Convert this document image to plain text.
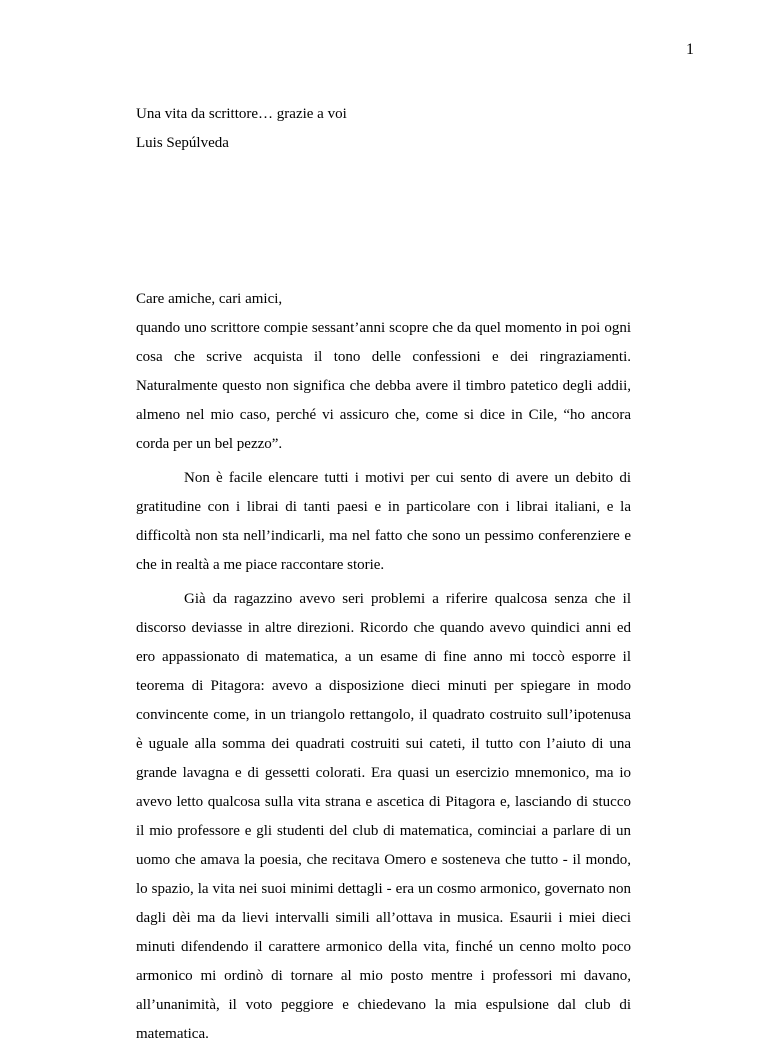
1
Una vita da scrittore… grazie a voi
Luis Sepúlveda

Care amiche, cari amici,

quando uno scrittore compie sessant’anni scopre che da quel momento in poi ogni cosa che scrive acquista il tono delle confessioni e dei ringraziamenti. Naturalmente questo non significa che debba avere il timbro patetico degli addii, almeno nel mio caso, perché vi assicuro che, come si dice in Cile, “ho ancora corda per un bel pezzo”.

Non è facile elencare tutti i motivi per cui sento di avere un debito di gratitudine con i librai di tanti paesi e in particolare con i librai italiani, e la difficoltà non sta nell’indicarli, ma nel fatto che sono un pessimo conferenziere e che in realtà a me piace raccontare storie.

Già da ragazzino avevo seri problemi a riferire qualcosa senza che il discorso deviasse in altre direzioni. Ricordo che quando avevo quindici anni ed ero appassionato di matematica, a un esame di fine anno mi toccò esporre il teorema di Pitagora: avevo a disposizione dieci minuti per spiegare in modo convincente come, in un triangolo rettangolo, il quadrato costruito sull’ipotenusa è uguale alla somma dei quadrati costruiti sui cateti, il tutto con l’aiuto di una grande lavagna e di gessetti colorati. Era quasi un esercizio mnemonico, ma io avevo letto qualcosa sulla vita strana e ascetica di Pitagora e, lasciando di stucco il mio professore e gli studenti del club di matematica, cominciai a parlare di un uomo che amava la poesia, che recitava Omero e sosteneva che tutto - il mondo, lo spazio, la vita nei suoi minimi dettagli - era un cosmo armonico, governato non dagli dèi ma da lievi intervalli simili all’ottava in musica. Esaurii i miei dieci minuti difendendo il carattere armonico della vita, finché un cenno molto poco armonico mi ordinò di tornare al mio posto mentre i professori mi davano, all’unanimità, il voto peggiore e chiedevano la mia espulsione dal club di matematica.
